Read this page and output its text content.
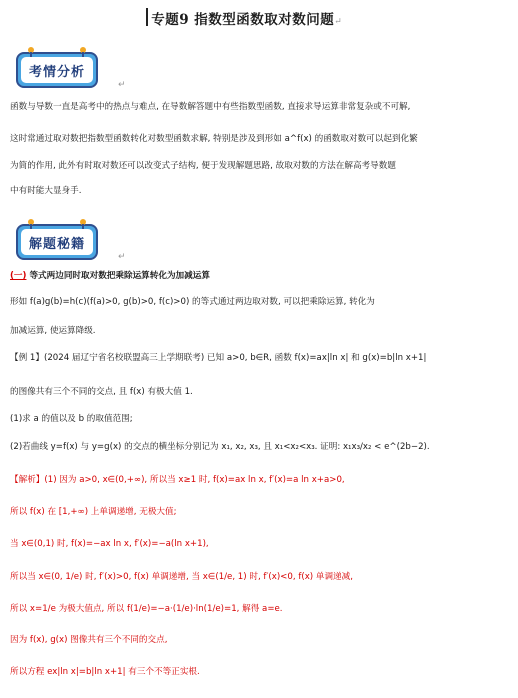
专题9 指数型函数取对数问题↵
考情分析
↵
函数与导数一直是高考中的热点与难点, 在导数解答题中有些指数型函数, 直接求导运算非常复杂或不可解,
这时常通过取对数把指数型函数转化对数型函数求解, 特别是涉及到形如 a^f(x) 的函数取对数可以起到化繁
为简的作用, 此外有时取对数还可以改变式子结构, 便于发现解题思路, 故取对数的方法在解高考导数题
中有时能大显身手.
解题秘籍
↵
(一) 等式两边同时取对数把乘除运算转化为加减运算
形如 f(a)g(b)=h(c)(f(a)>0, g(b)>0, f(c)>0) 的等式通过两边取对数, 可以把乘除运算, 转化为
加减运算, 使运算降级.
【例 1】(2024 届辽宁省名校联盟高三上学期联考) 已知 a>0, b∈R, 函数 f(x)=ax|ln x| 和 g(x)=b|ln x+1|
的图像共有三个不同的交点, 且 f(x) 有极大值 1.
(1)求 a 的值以及 b 的取值范围;
(2)若曲线 y=f(x) 与 y=g(x) 的交点的横坐标分别记为 x₁, x₂, x₃, 且 x₁<x₂<x₃. 证明: x₁x₃/x₂ < e^(2b−2).
【解析】(1) 因为 a>0, x∈(0,+∞), 所以当 x≥1 时, f(x)=ax ln x, f′(x)=a ln x+a>0,
所以 f(x) 在 [1,+∞) 上单调递增, 无极大值;
当 x∈(0,1) 时, f(x)=−ax ln x, f′(x)=−a(ln x+1),
所以当 x∈(0, 1/e) 时, f′(x)>0, f(x) 单调递增, 当 x∈(1/e, 1) 时, f′(x)<0, f(x) 单调递减,
所以 x=1/e 为极大值点, 所以 f(1/e)=−a·(1/e)·ln(1/e)=1, 解得 a=e.
因为 f(x), g(x) 图像共有三个不同的交点,
所以方程 ex|ln x|=b|ln x+1| 有三个不等正实根.
